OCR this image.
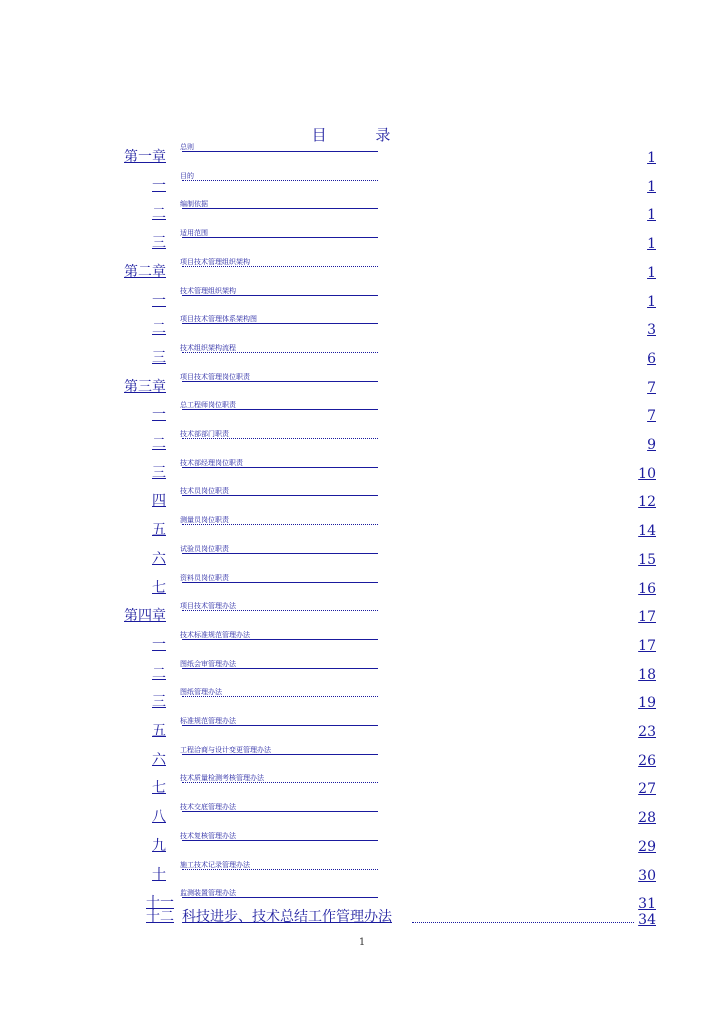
目 录
第一章
总则
1
一
目的
1
二
编制依据
1
三
适用范围
1
第二章
项目技术管理组织架构
1
一
技术管理组织架构
1
二
项目技术管理体系架构图
3
三
技术组织架构流程
6
第三章
项目技术管理岗位职责
7
一
总工程师岗位职责
7
二
技术部部门职责
9
三
技术部经理岗位职责
10
四
技术员岗位职责
12
五
测量员岗位职责
14
六
试验员岗位职责
15
七
资料员岗位职责
16
第四章
项目技术管理办法
17
一
技术标准规范管理办法
17
二
图纸会审管理办法
18
三
图纸管理办法
19
五
标准规范管理办法
23
六
工程洽商与设计变更管理办法
26
七
技术质量检测考核管理办法
27
八
技术交底管理办法
28
九
技术复核管理办法
29
十
施工技术记录管理办法
30
十一
监测装置管理办法
31
十二 科技进步、技术总结工作管理办法	34
1
